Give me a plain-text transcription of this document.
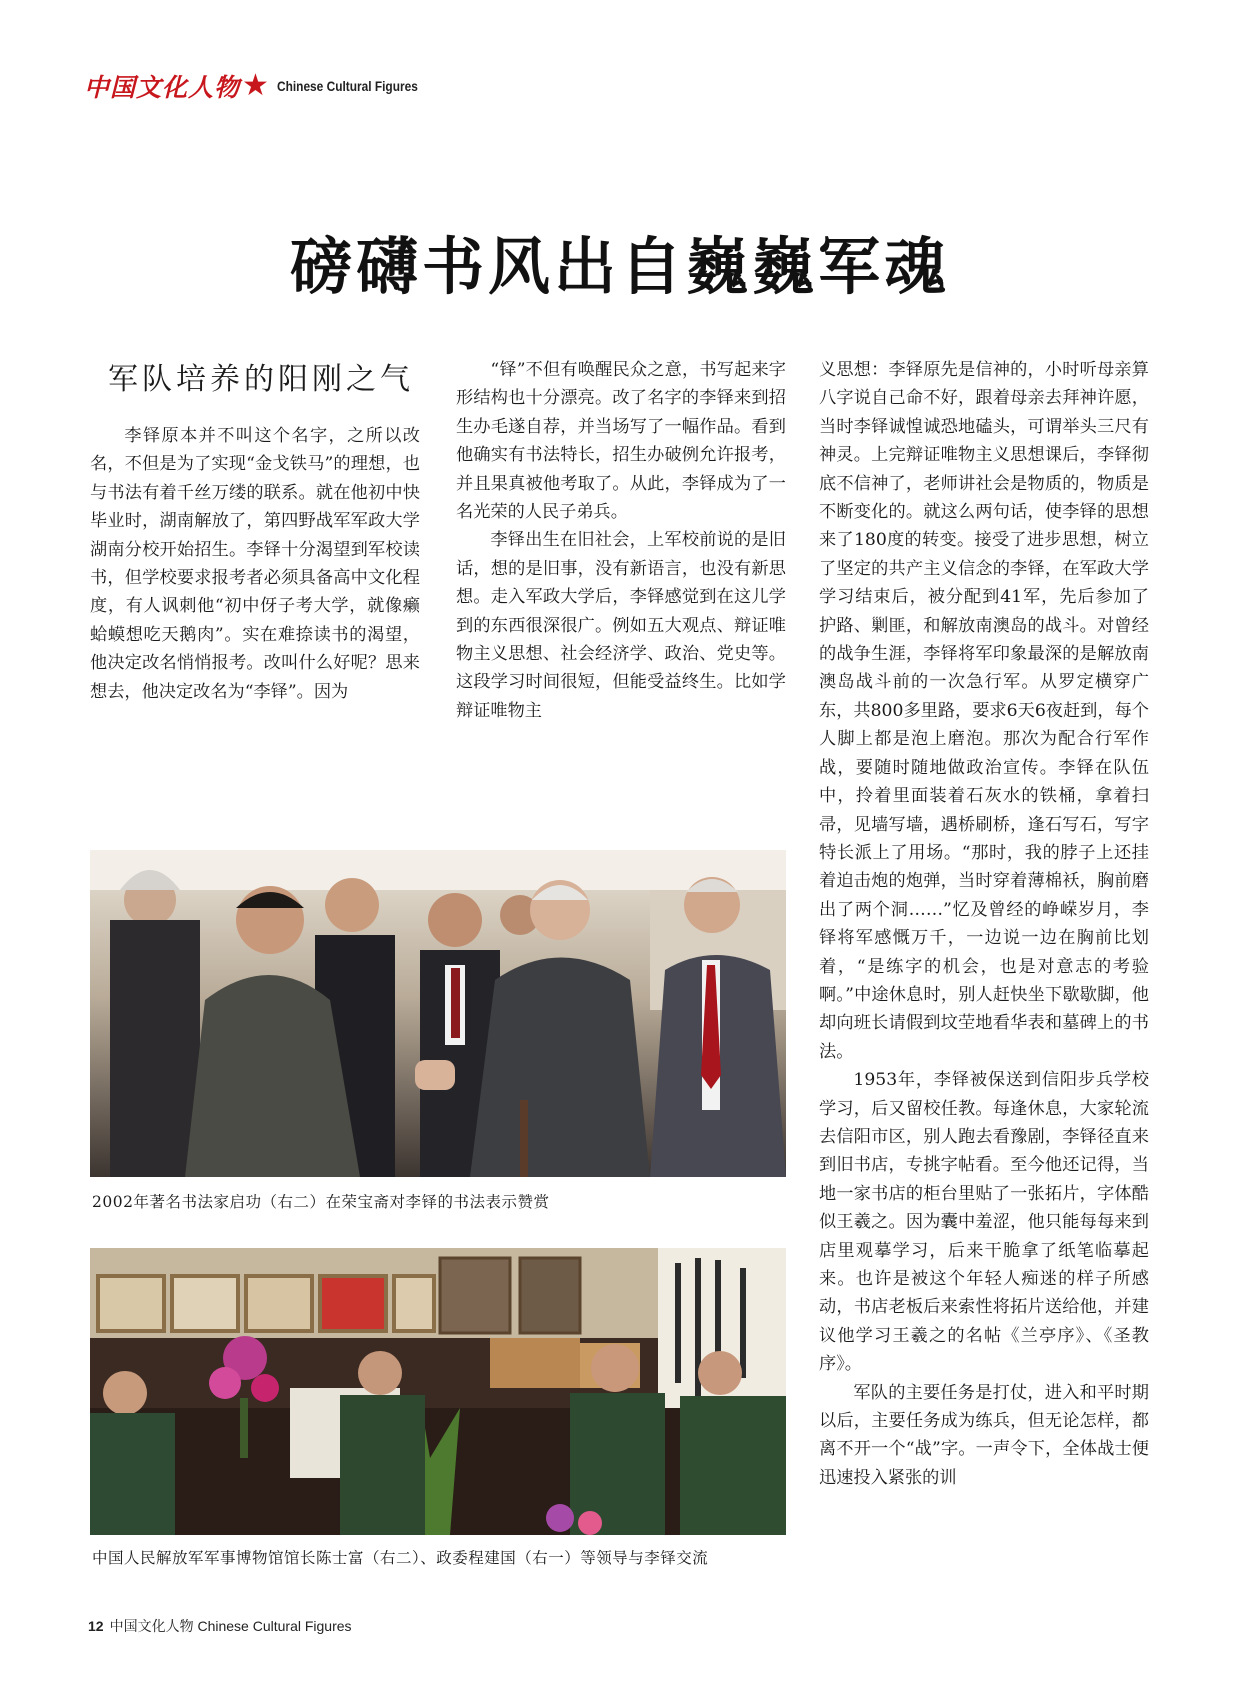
中国文化人物 ★ Chinese Cultural Figures
磅礴书风出自巍巍军魂
军队培养的阳刚之气

李铎原本并不叫这个名字，之所以改名，不但是为了实现“金戈铁马”的理想，也与书法有着千丝万缕的联系。就在他初中快毕业时，湖南解放了，第四野战军军政大学湖南分校开始招生。李铎十分渴望到军校读书，但学校要求报考者必须具备高中文化程度，有人讽刺他“初中伢子考大学，就像癞蛤蟆想吃天鹅肉”。实在难捺读书的渴望，他决定改名悄悄报考。改叫什么好呢？思来想去，他决定改名为“李铎”。因为

“铎”不但有唤醒民众之意，书写起来字形结构也十分漂亮。改了名字的李铎来到招生办毛遂自荐，并当场写了一幅作品。看到他确实有书法特长，招生办破例允许报考，并且果真被他考取了。从此，李铎成为了一名光荣的人民子弟兵。

李铎出生在旧社会，上军校前说的是旧话，想的是旧事，没有新语言，也没有新思想。走入军政大学后，李铎感觉到在这儿学到的东西很深很广。例如五大观点、辩证唯物主义思想、社会经济学、政治、党史等。这段学习时间很短，但能受益终生。比如学辩证唯物主

义思想：李铎原先是信神的，小时听母亲算八字说自己命不好，跟着母亲去拜神许愿，当时李铎诚惶诚恐地磕头，可谓举头三尺有神灵。上完辩证唯物主义思想课后，李铎彻底不信神了，老师讲社会是物质的，物质是不断变化的。就这么两句话，使李铎的思想来了180度的转变。接受了进步思想，树立了坚定的共产主义信念的李铎，在军政大学学习结束后，被分配到41军，先后参加了护路、剿匪，和解放南澳岛的战斗。对曾经的战争生涯，李铎将军印象最深的是解放南澳岛战斗前的一次急行军。从罗定横穿广东，共800多里路，要求6天6夜赶到，每个人脚上都是泡上磨泡。那次为配合行军作战，要随时随地做政治宣传。李铎在队伍中，拎着里面装着石灰水的铁桶，拿着扫帚，见墙写墙，遇桥刷桥，逢石写石，写字特长派上了用场。“那时，我的脖子上还挂着迫击炮的炮弹，当时穿着薄棉袄，胸前磨出了两个洞……”忆及曾经的峥嵘岁月，李铎将军感慨万千，一边说一边在胸前比划着，“是练字的机会，也是对意志的考验啊。”中途休息时，别人赶快坐下歇歇脚，他却向班长请假到坟茔地看华表和墓碑上的书法。

1953年，李铎被保送到信阳步兵学校学习，后又留校任教。每逢休息，大家轮流去信阳市区，别人跑去看豫剧，李铎径直来到旧书店，专挑字帖看。至今他还记得，当地一家书店的柜台里贴了一张拓片，字体酷似王羲之。因为囊中羞涩，他只能每每来到店里观摹学习，后来干脆拿了纸笔临摹起来。也许是被这个年轻人痴迷的样子所感动，书店老板后来索性将拓片送给他，并建议他学习王羲之的名帖《兰亭序》、《圣教序》。

军队的主要任务是打仗，进入和平时期以后，主要任务成为练兵，但无论怎样，都离不开一个“战”字。一声令下，全体战士便迅速投入紧张的训

2002年著名书法家启功（右二）在荣宝斋对李铎的书法表示赞赏
中国人民解放军军事博物馆馆长陈士富（右二）、政委程建国（右一）等领导与李铎交流
12 中国文化人物 Chinese Cultural Figures
